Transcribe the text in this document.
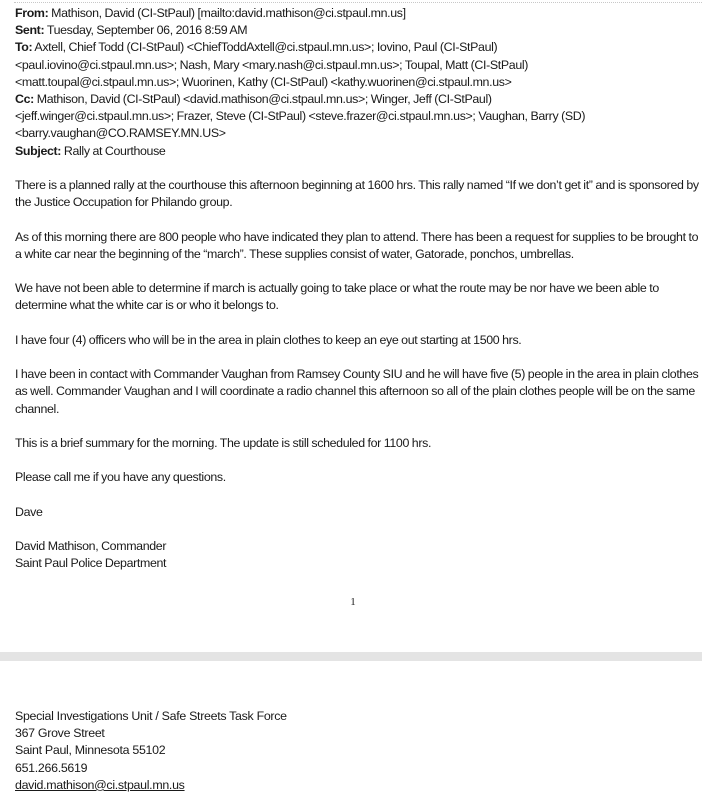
From: Mathison, David (CI-StPaul) [mailto:david.mathison@ci.stpaul.mn.us]
Sent: Tuesday, September 06, 2016 8:59 AM
To: Axtell, Chief Todd (CI-StPaul) <ChiefToddAxtell@ci.stpaul.mn.us>; Iovino, Paul (CI-StPaul)
<paul.iovino@ci.stpaul.mn.us>; Nash, Mary <mary.nash@ci.stpaul.mn.us>; Toupal, Matt (CI-StPaul)
<matt.toupal@ci.stpaul.mn.us>; Wuorinen, Kathy (CI-StPaul) <kathy.wuorinen@ci.stpaul.mn.us>
Cc: Mathison, David (CI-StPaul) <david.mathison@ci.stpaul.mn.us>; Winger, Jeff (CI-StPaul)
<jeff.winger@ci.stpaul.mn.us>; Frazer, Steve (CI-StPaul) <steve.frazer@ci.stpaul.mn.us>; Vaughan, Barry (SD)
<barry.vaughan@CO.RAMSEY.MN.US>
Subject: Rally at Courthouse

There is a planned rally at the courthouse this afternoon beginning at 1600 hrs. This rally named “If we don’t get it” and is sponsored by the Justice Occupation for Philando group.

As of this morning there are 800 people who have indicated they plan to attend. There has been a request for supplies to be brought to a white car near the beginning of the “march”. These supplies consist of water, Gatorade, ponchos, umbrellas.

We have not been able to determine if march is actually going to take place or what the route may be nor have we been able to determine what the white car is or who it belongs to.

I have four (4) officers who will be in the area in plain clothes to keep an eye out starting at 1500 hrs.

I have been in contact with Commander Vaughan from Ramsey County SIU and he will have five (5) people in the area in plain clothes as well. Commander Vaughan and I will coordinate a radio channel this afternoon so all of the plain clothes people will be on the same channel.

This is a brief summary for the morning. The update is still scheduled for 1100 hrs.

Please call me if you have any questions.

Dave

David Mathison, Commander

Saint Paul Police Department

1
Special Investigations Unit / Safe Streets Task Force
367 Grove Street
Saint Paul, Minnesota 55102
651.266.5619
david.mathison@ci.stpaul.mn.us
